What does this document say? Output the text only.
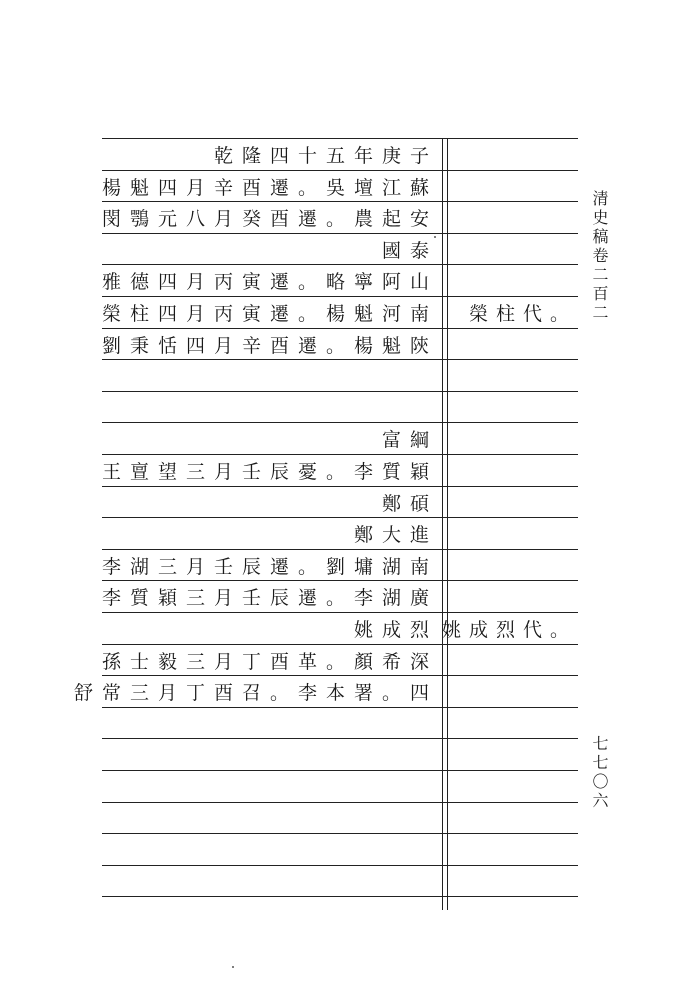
清史稿卷二百二
七七〇六
乾隆四十五年庚子
楊魁四月辛酉遷。吳壇江蘇
閔鶚元八月癸酉遷。農起安
國泰
雅德四月丙寅遷。略寧阿山
榮柱四月丙寅遷。楊魁河南	榮柱代。
劉秉恬四月辛酉遷。楊魁陝
富綱
王亶望三月壬辰憂。李質穎
鄭碩
鄭大進
李湖三月壬辰遷。劉墉湖南
李質穎三月壬辰遷。李湖廣
姚成烈 姚成烈代。
孫士毅三月丁酉革。顏希深
舒常三月丁酉召。李本署。四
